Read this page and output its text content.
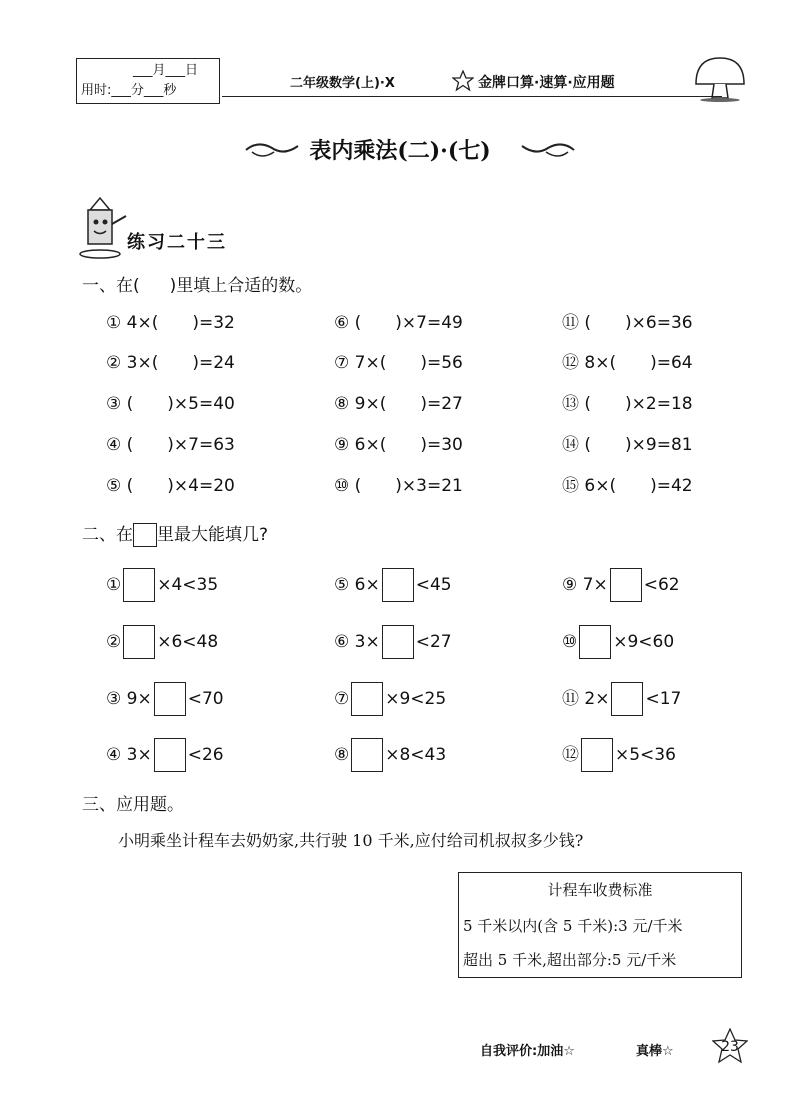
___月___日
用时:___分___秒	二年级数学(上)·X	金牌口算·速算·应用题
表内乘法(二)·(七)
练习二十三
一、在( )里填上合适的数。
① 4×(　　)=32	⑥ (　　)×7=49	⑪ (　　)×6=36
② 3×(　　)=24	⑦ 7×(　　)=56	⑫ 8×(　　)=64
③ (　　)×5=40	⑧ 9×(　　)=27	⑬ (　　)×2=18
④ (　　)×7=63	⑨ 6×(　　)=30	⑭ (　　)×9=81
⑤ (　　)×4=20	⑩ (　　)×3=21	⑮ 6×(　　)=42
二、在 里最大能填几?
① ×4<35	⑤ 6× <45	⑨ 7× <62
② ×6<48	⑥ 3× <27	⑩ ×9<60
③ 9× <70	⑦ ×9<25	⑪ 2× <17
④ 3× <26	⑧ ×8<43	⑫ ×5<36
三、应用题。
小明乘坐计程车去奶奶家,共行驶 10 千米,应付给司机叔叔多少钱?
计程车收费标准
5 千米以内(含 5 千米):3 元/千米
超出 5 千米,超出部分:5 元/千米
自我评价:加油☆	真棒☆	23
